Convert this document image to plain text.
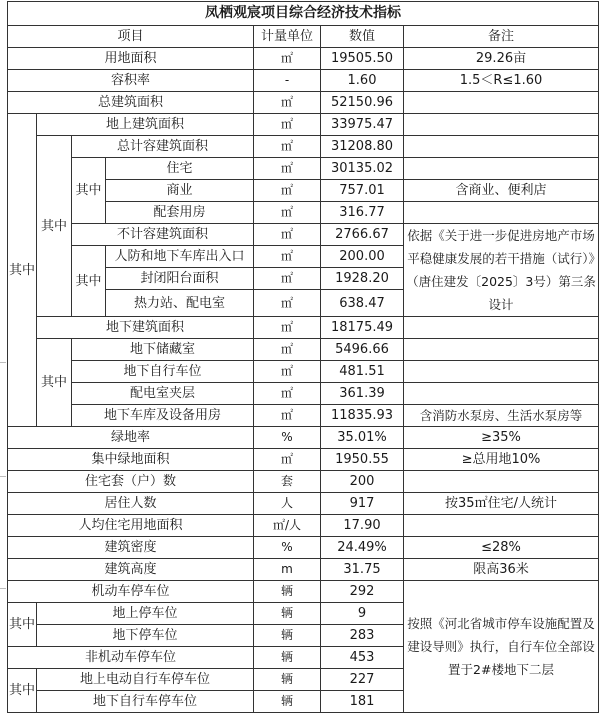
凤栖观宸项目综合经济技术指标						
项目				计量单位	数值	备注
用地面积				㎡	19505.50	29.26亩
容积率				-	1.60	1.5＜R≤1.60
总建筑面积				㎡	52150.96	
其中	地上建筑面积			㎡	33975.47	
	其中	总计容建筑面积		㎡	31208.80	
		其中	住宅	㎡	30135.02	
			商业	㎡	757.01	含商业、便利店
			配套用房	㎡	316.77	
		不计容建筑面积		㎡	2766.67	依据《关于进一步促进房地产市场平稳健康发展的若干措施（试行）》（唐住建发〔2025〕3号）第三条设计
		其中	人防和地下车库出入口	㎡	200.00	
			封闭阳台面积	㎡	1928.20	
			热力站、配电室	㎡	638.47	
	地下建筑面积			㎡	18175.49	
	其中	地下储藏室		㎡	5496.66	
		地下自行车位		㎡	481.51	
		配电室夹层		㎡	361.39	
		地下车库及设备用房		㎡	11835.93	含消防水泵房、生活水泵房等
绿地率				%	35.01%	≥35%
集中绿地面积				㎡	1950.55	≥总用地10%
住宅套（户）数				套	200	
居住人数				人	917	按35㎡住宅/人统计
人均住宅用地面积				㎡/人	17.90	
建筑密度				%	24.49%	≤28%
建筑高度				m	31.75	限高36米
机动车停车位				辆	292	按照《河北省城市停车设施配置及建设导则》执行，自行车位全部设置于2#楼地下二层
其中	地上停车位			辆	9	
	地下停车位			辆	283	
非机动车停车位				辆	453	
其中	地上电动自行车停车位			辆	227	
	地下自行车停车位			辆	181	
